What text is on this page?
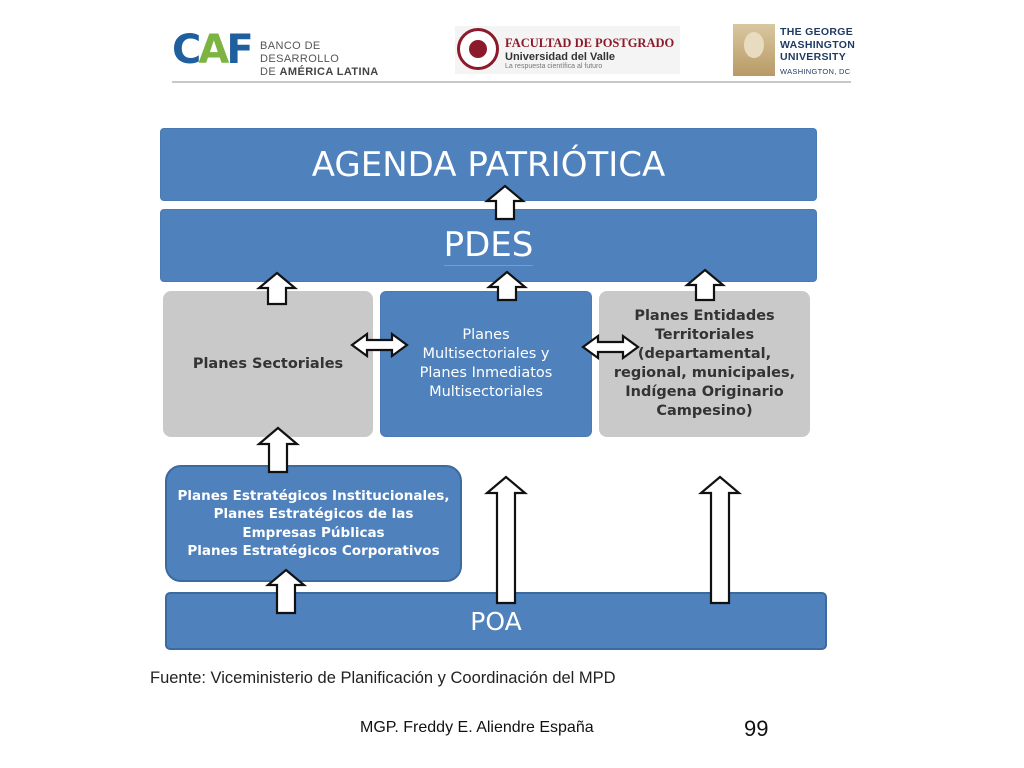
CAF BANCO DE DESARROLLO
DE AMÉRICA LATINA
FACULTAD DE POSTGRADO
Universidad del Valle
La respuesta científica al futuro
THE GEORGE
WASHINGTON
UNIVERSITY
WASHINGTON, DC
AGENDA PATRIÓTICA
PDES
Planes Sectoriales
Planes
Multisectoriales y
Planes Inmediatos
Multisectoriales
Planes Entidades
Territoriales
(departamental,
regional, municipales,
Indígena Originario
Campesino)
Planes Estratégicos Institucionales,
Planes Estratégicos de las
Empresas Públicas
Planes Estratégicos Corporativos
POA
Fuente: Viceministerio de Planificación y Coordinación del MPD
MGP. Freddy E. Aliendre España	99
